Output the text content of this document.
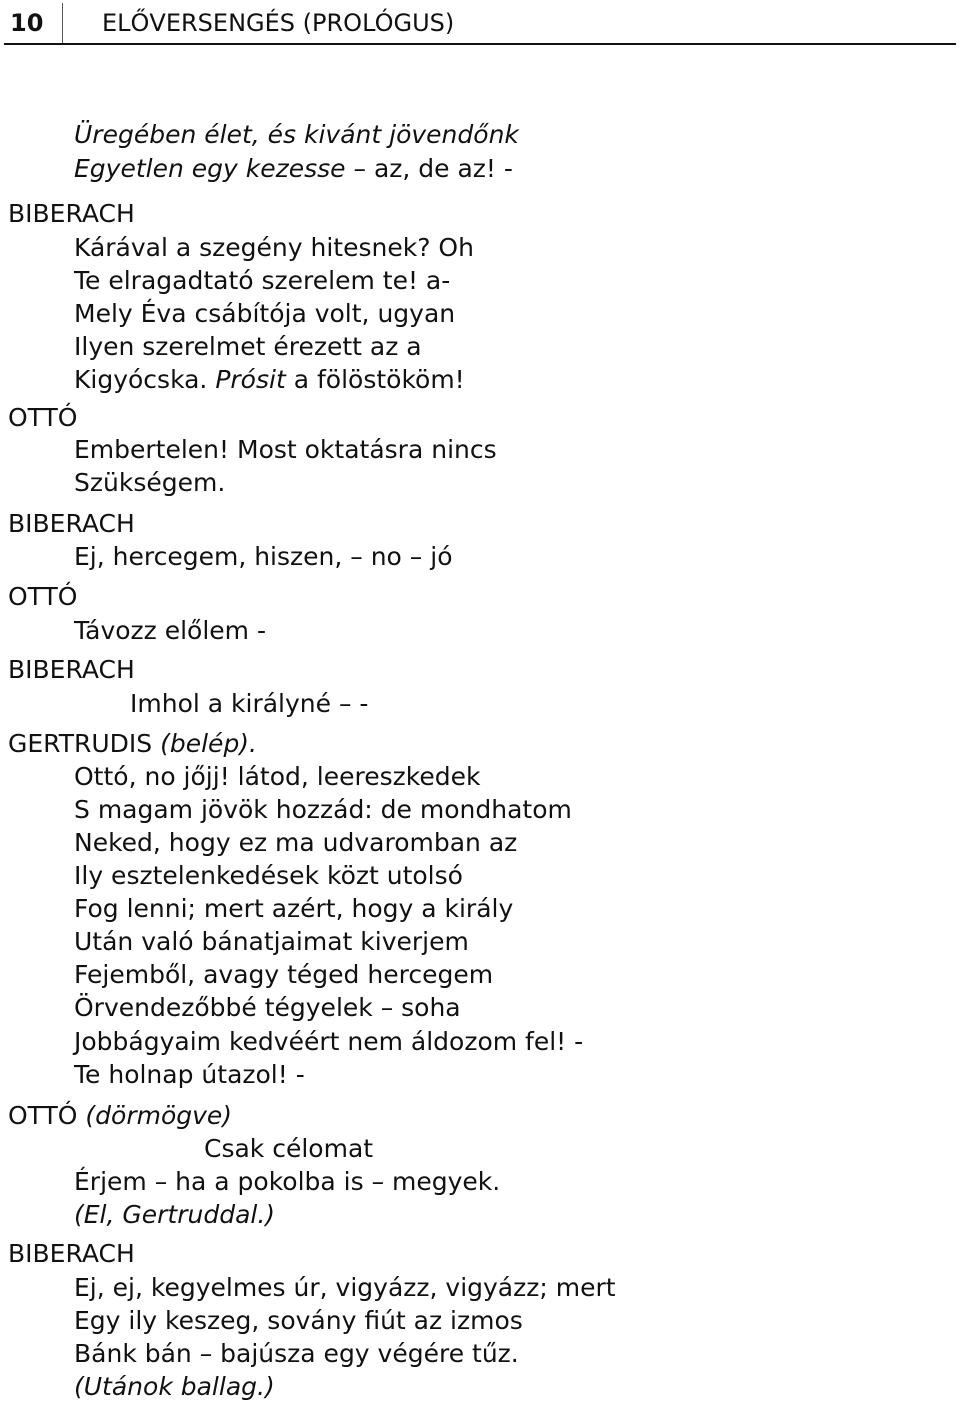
10 ELŐVERSENGÉS (PROLÓGUS)
Üregében élet, és kivánt jövendőnk
Egyetlen egy kezesse – az, de az! -
BIBERACH
Kárával a szegény hitesnek? Oh
Te elragadtató szerelem te! a-
Mely Éva csábítója volt, ugyan
Ilyen szerelmet érezett az a
Kigyócska. Prósit a fölöstököm!
OTTÓ
Embertelen! Most oktatásra nincs
Szükségem.
BIBERACH
Ej, hercegem, hiszen, – no – jó
OTTÓ
Távozz előlem -
BIBERACH
Imhol a királyné – -
GERTRUDIS (belép).
Ottó, no jőjj! látod, leereszkedek
S magam jövök hozzád: de mondhatom
Neked, hogy ez ma udvaromban az
Ily esztelenkedések közt utolsó
Fog lenni; mert azért, hogy a király
Után való bánatjaimat kiverjem
Fejemből, avagy téged hercegem
Örvendezőbbé tégyelek – soha
Jobbágyaim kedvéért nem áldozom fel! -
Te holnap útazol! -
OTTÓ (dörmögve)
Csak célomat
Érjem – ha a pokolba is – megyek.
(El, Gertruddal.)
BIBERACH
Ej, ej, kegyelmes úr, vigyázz, vigyázz; mert
Egy ily keszeg, sovány fiút az izmos
Bánk bán – bajúsza egy végére tűz.
(Utánok ballag.)
